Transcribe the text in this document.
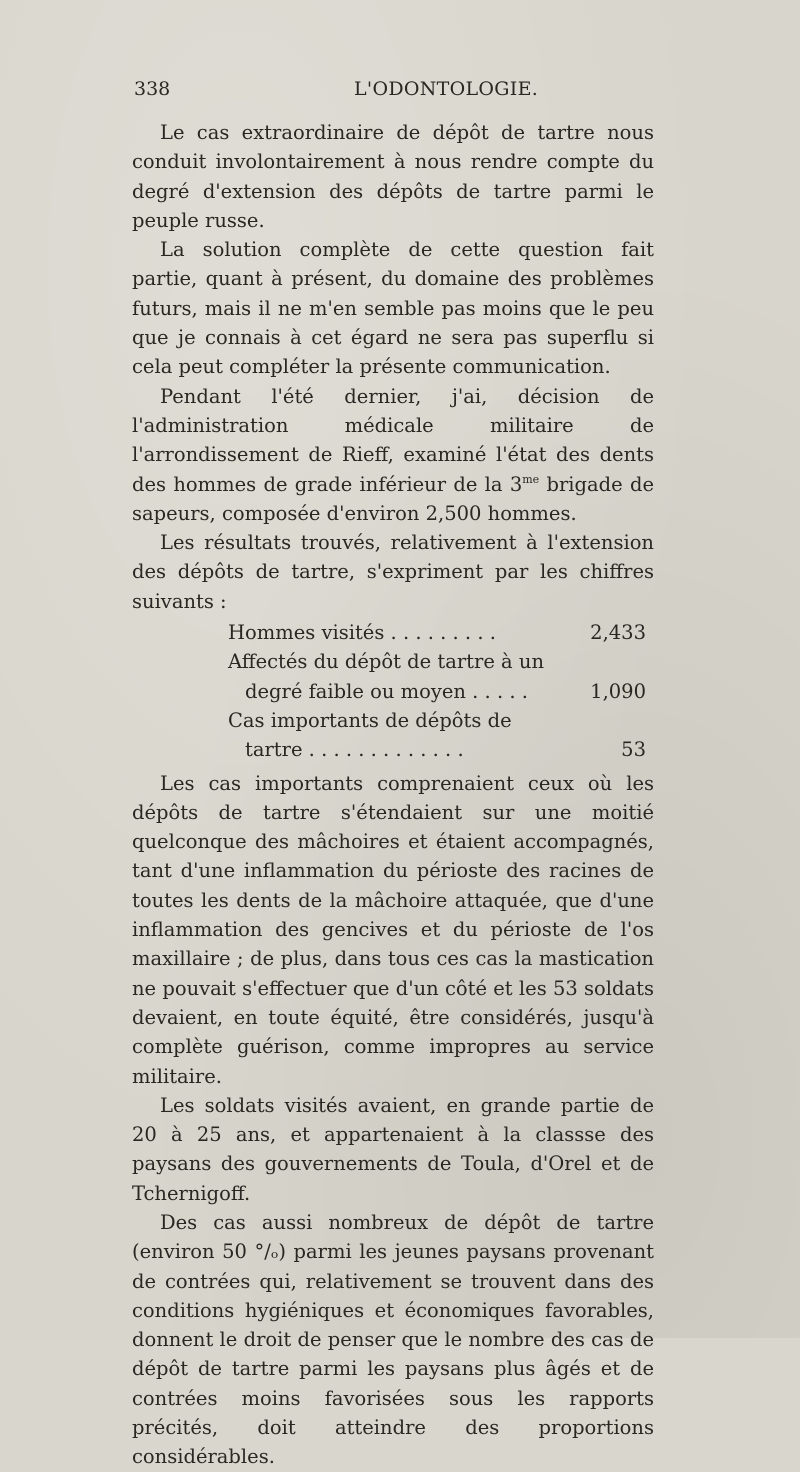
338	L'ODONTOLOGIE.

Le cas extraordinaire de dépôt de tartre nous conduit involontairement à nous rendre compte du degré d'extension des dépôts de tartre parmi le peuple russe.

La solution complète de cette question fait partie, quant à présent, du domaine des problèmes futurs, mais il ne m'en semble pas moins que le peu que je connais à cet égard ne sera pas superflu si cela peut compléter la présente communication.

Pendant l'été dernier, j'ai, décision de l'administration médicale militaire de l'arrondissement de Rieff, examiné l'état des dents des hommes de grade inférieur de la $3^{me}$ brigade de sapeurs, composée d'environ 2,500 hommes.

Les résultats trouvés, relativement à l'extension des dépôts de tartre, s'expriment par les chiffres suivants :

Hommes visités . . . . . . . . .	2,433
Affectés du dépôt de tartre à un degré faible ou moyen . . . . .	1,090
Cas importants de dépôts de tartre . . . . . . . . . . . . .	53

Les cas importants comprenaient ceux où les dépôts de tartre s'étendaient sur une moitié quelconque des mâchoires et étaient accompagnés, tant d'une inflammation du périoste des racines de toutes les dents de la mâchoire attaquée, que d'une inflammation des gencives et du périoste de l'os maxillaire ; de plus, dans tous ces cas la mastication ne pouvait s'effectuer que d'un côté et les 53 soldats devaient, en toute équité, être considérés, jusqu'à complète guérison, comme impropres au service militaire.

Les soldats visités avaient, en grande partie de 20 à 25 ans, et appartenaient à la classse des paysans des gouvernements de Toula, d'Orel et de Tchernigoff.

Des cas aussi nombreux de dépôt de tartre (environ 50 °/ₒ) parmi les jeunes paysans provenant de contrées qui, relativement se trouvent dans des conditions hygiéniques et économiques favorables, donnent le droit de penser que le nombre des cas de dépôt de tartre parmi les paysans plus âgés et de contrées moins favorisées sous les rapports précités, doit atteindre des proportions considérables.
